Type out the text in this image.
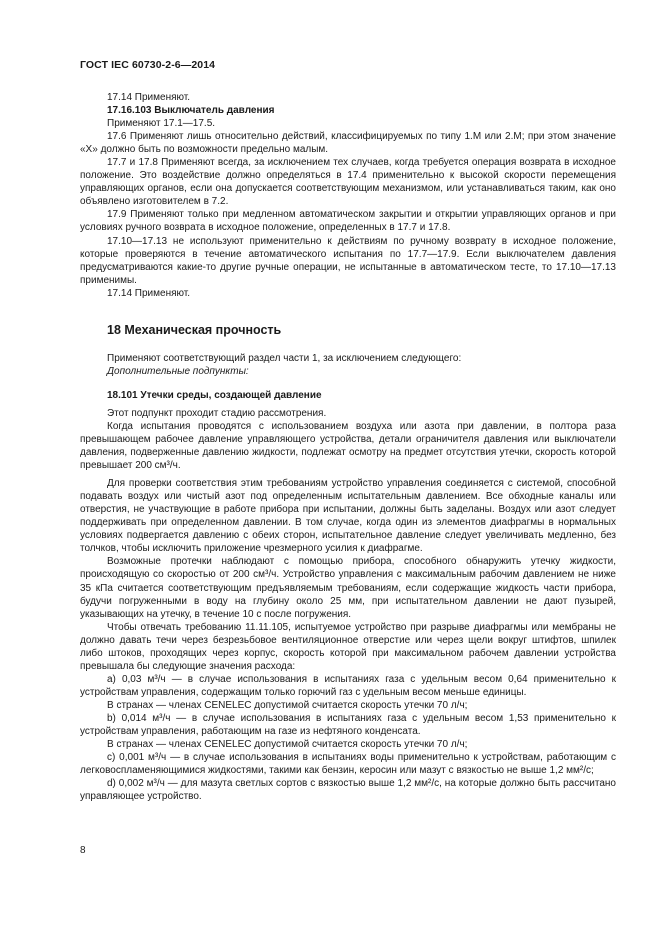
ГОСТ IEC 60730-2-6—2014

17.14 Применяют.

17.16.103 Выключатель давления

Применяют 17.1—17.5.

17.6 Применяют лишь относительно действий, классифицируемых по типу 1.M или 2.M; при этом значение «X» должно быть по возможности предельно малым.

17.7 и 17.8 Применяют всегда, за исключением тех случаев, когда требуется операция возврата в исходное положение. Это воздействие должно определяться в 17.4 применительно к высокой скорости перемещения управляющих органов, если она допускается соответствующим механизмом, или устанавливаться таким, как оно объявлено изготовителем в 7.2.

17.9 Применяют только при медленном автоматическом закрытии и открытии управляющих органов и при условиях ручного возврата в исходное положение, определенных в 17.7 и 17.8.

17.10—17.13 не используют применительно к действиям по ручному возврату в исходное положение, которые проверяются в течение автоматического испытания по 17.7—17.9. Если выключателем давления предусматриваются какие-то другие ручные операции, не испытанные в автоматическом тесте, то 17.10—17.13 применимы.

17.14 Применяют.

18 Механическая прочность

Применяют соответствующий раздел части 1, за исключением следующего:

Дополнительные подпункты:

18.101 Утечки среды, создающей давление

Этот подпункт проходит стадию рассмотрения.

Когда испытания проводятся с использованием воздуха или азота при давлении, в полтора раза превышающем рабочее давление управляющего устройства, детали ограничителя давления или выключатели давления, подверженные давлению жидкости, подлежат осмотру на предмет отсутствия утечки, скорость которой превышает 200 см³/ч.

Для проверки соответствия этим требованиям устройство управления соединяется с системой, способной подавать воздух или чистый азот под определенным испытательным давлением. Все обходные каналы или отверстия, не участвующие в работе прибора при испытании, должны быть заделаны. Воздух или азот следует поддерживать при определенном давлении. В том случае, когда один из элементов диафрагмы в нормальных условиях подвергается давлению с обеих сторон, испытательное давление следует увеличивать медленно, без толчков, чтобы исключить приложение чрезмерного усилия к диафрагме.

Возможные протечки наблюдают с помощью прибора, способного обнаружить утечку жидкости, происходящую со скоростью от 200 см³/ч. Устройство управления с максимальным рабочим давлением не ниже 35 кПа считается соответствующим предъявляемым требованиям, если содержащие жидкость части прибора, будучи погруженными в воду на глубину около 25 мм, при испытательном давлении не дают пузырей, указывающих на утечку, в течение 10 с после погружения.

Чтобы отвечать требованию 11.11.105, испытуемое устройство при разрыве диафрагмы или мембраны не должно давать течи через безрезьбовое вентиляционное отверстие или через щели вокруг штифтов, шпилек либо штоков, проходящих через корпус, скорость которой при максимальном рабочем давлении устройства превышала бы следующие значения расхода:

a) 0,03 м³/ч — в случае использования в испытаниях газа с удельным весом 0,64 применительно к устройствам управления, содержащим только горючий газ с удельным весом меньше единицы.

В странах — членах CENELEC допустимой считается скорость утечки 70 л/ч;

b) 0,014 м³/ч — в случае использования в испытаниях газа с удельным весом 1,53 применительно к устройствам управления, работающим на газе из нефтяного конденсата.

В странах — членах CENELEC допустимой считается скорость утечки 70 л/ч;

c) 0,001 м³/ч — в случае использования в испытаниях воды применительно к устройствам, работающим с легковоспламеняющимися жидкостями, такими как бензин, керосин или мазут с вязкостью не выше 1,2 мм²/с;

d) 0,002 м³/ч — для мазута светлых сортов с вязкостью выше 1,2 мм²/с, на которые должно быть рассчитано управляющее устройство.

8
